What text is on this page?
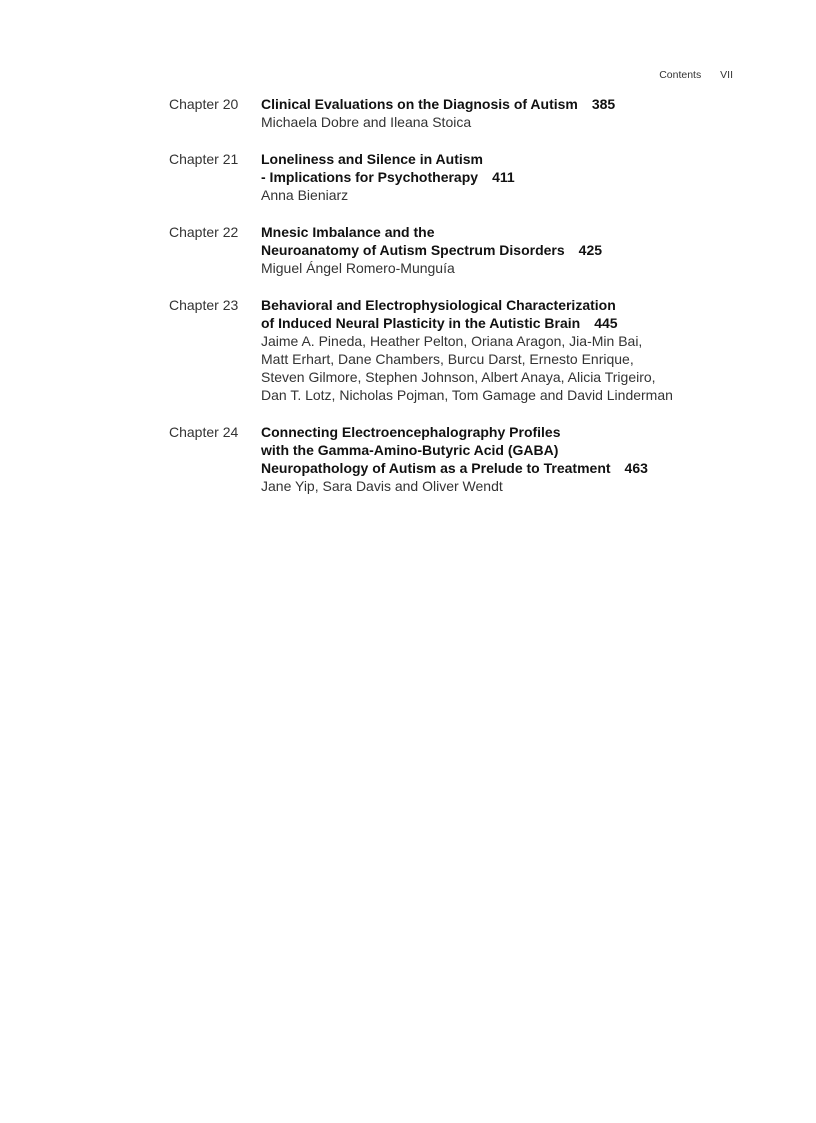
Contents VII
Chapter 20	Clinical Evaluations on the Diagnosis of Autism 385
Michaela Dobre and Ileana Stoica
Chapter 21	Loneliness and Silence in Autism
- Implications for Psychotherapy 411
Anna Bieniarz
Chapter 22	Mnesic Imbalance and the
Neuroanatomy of Autism Spectrum Disorders 425
Miguel Ángel Romero-Munguía
Chapter 23	Behavioral and Electrophysiological Characterization
of Induced Neural Plasticity in the Autistic Brain 445
Jaime A. Pineda, Heather Pelton, Oriana Aragon, Jia-Min Bai,
Matt Erhart, Dane Chambers, Burcu Darst, Ernesto Enrique,
Steven Gilmore, Stephen Johnson, Albert Anaya, Alicia Trigeiro,
Dan T. Lotz, Nicholas Pojman, Tom Gamage and David Linderman
Chapter 24	Connecting Electroencephalography Profiles
with the Gamma-Amino-Butyric Acid (GABA)
Neuropathology of Autism as a Prelude to Treatment 463
Jane Yip, Sara Davis and Oliver Wendt
